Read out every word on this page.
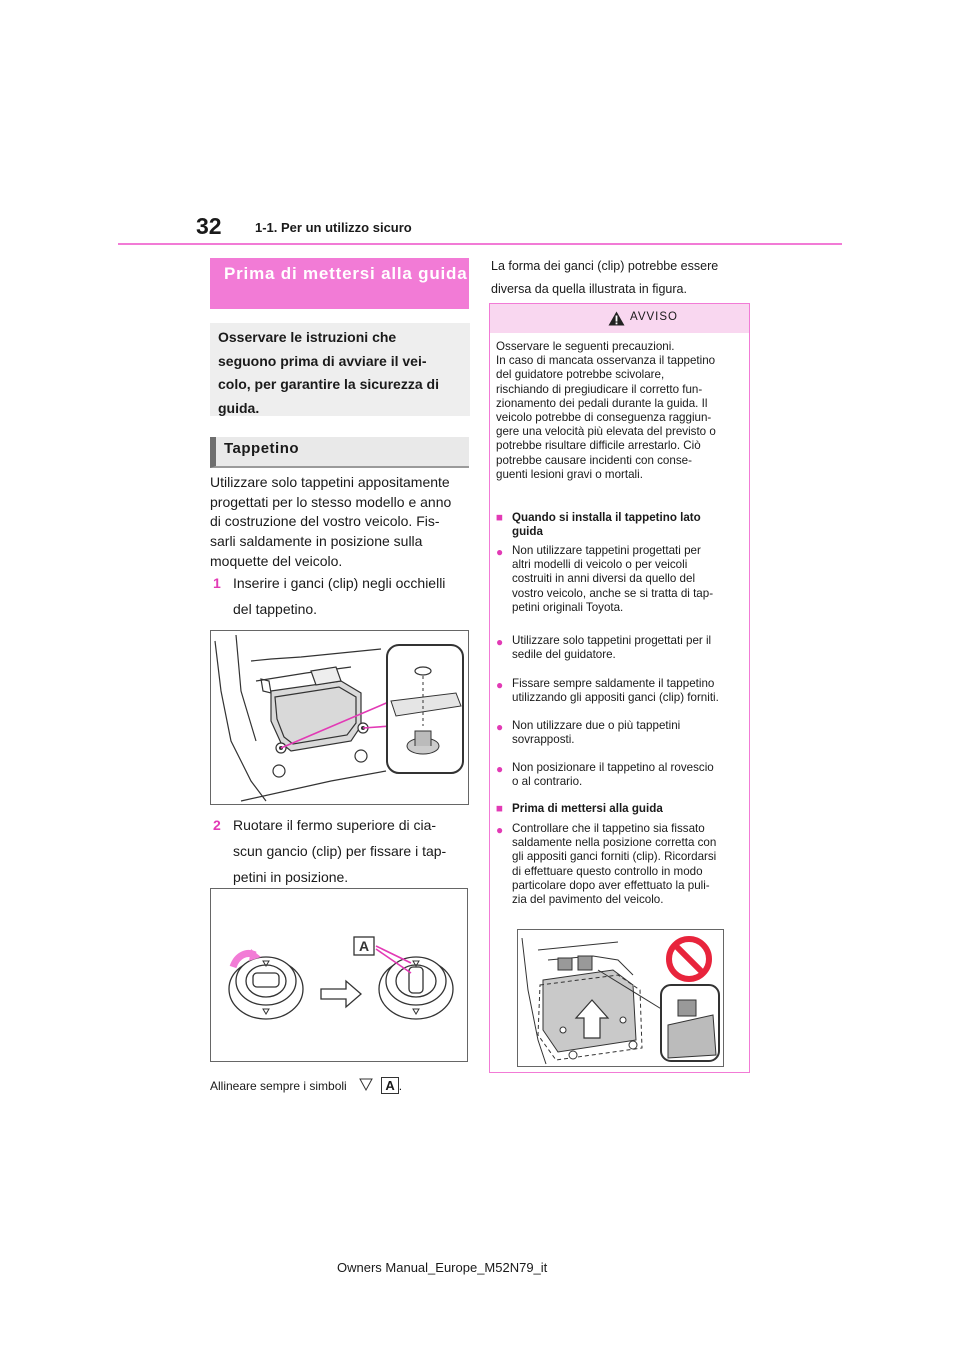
32	1-1. Per un utilizzo sicuro
Prima di mettersi alla guida
Osservare le istruzioni che
seguono prima di avviare il vei-
colo, per garantire la sicurezza di
guida.
Tappetino
Utilizzare solo tappetini appositamente
progettati per lo stesso modello e anno
di costruzione del vostro veicolo. Fis-
sarli saldamente in posizione sulla
moquette del veicolo.
1 Inserire i ganci (clip) negli occhielli
del tappetino.
2 Ruotare il fermo superiore di cia-
scun gancio (clip) per fissare i tap-
petini in posizione.
A
Allineare sempre i simboli	A .
La forma dei ganci (clip) potrebbe essere
diversa da quella illustrata in figura.
AVVISO
Osservare le seguenti precauzioni.
In caso di mancata osservanza il tappetino
del guidatore potrebbe scivolare,
rischiando di pregiudicare il corretto fun-
zionamento dei pedali durante la guida. Il
veicolo potrebbe di conseguenza raggiun-
gere una velocità più elevata del previsto o
potrebbe risultare difficile arrestarlo. Ciò
potrebbe causare incidenti con conse-
guenti lesioni gravi o mortali.
■ Quando si installa il tappetino lato
guida
● Non utilizzare tappetini progettati per
altri modelli di veicolo o per veicoli
costruiti in anni diversi da quello del
vostro veicolo, anche se si tratta di tap-
petini originali Toyota.
● Utilizzare solo tappetini progettati per il
sedile del guidatore.
● Fissare sempre saldamente il tappetino
utilizzando gli appositi ganci (clip) forniti.
● Non utilizzare due o più tappetini
sovrapposti.
● Non posizionare il tappetino al rovescio
o al contrario.
■ Prima di mettersi alla guida
● Controllare che il tappetino sia fissato
saldamente nella posizione corretta con
gli appositi ganci forniti (clip). Ricordarsi
di effettuare questo controllo in modo
particolare dopo aver effettuato la puli-
zia del pavimento del veicolo.
Owners Manual_Europe_M52N79_it
